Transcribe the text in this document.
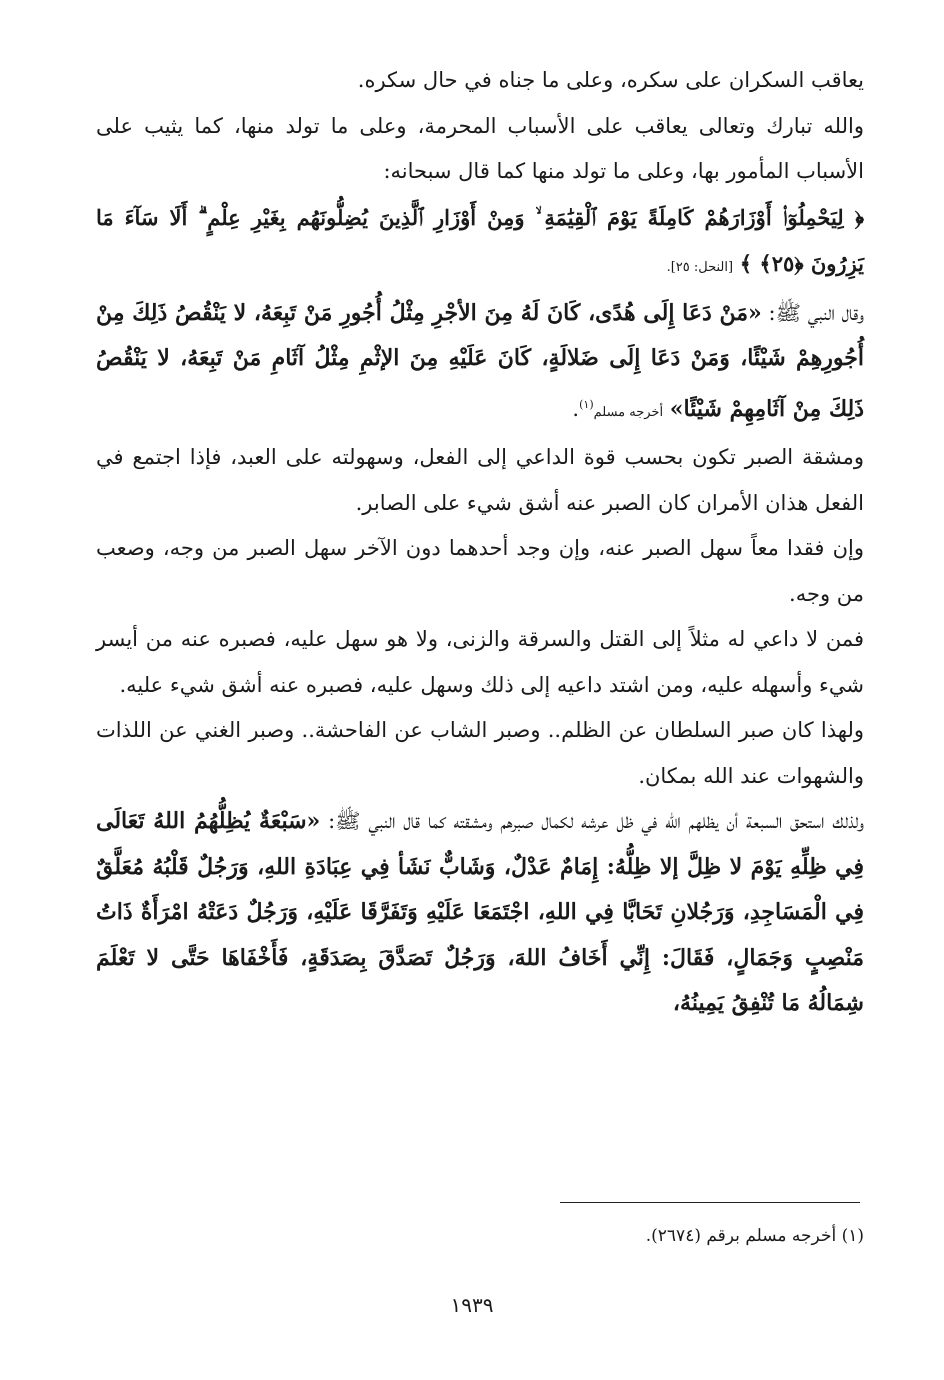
يعاقب السكران على سكره، وعلى ما جناه في حال سكره.

والله تبارك وتعالى يعاقب على الأسباب المحرمة، وعلى ما تولد منها، كما يثيب على الأسباب المأمور بها، وعلى ما تولد منها كما قال سبحانه:

﴿ لِيَحْمِلُوٓا۟ أَوْزَارَهُمْ كَامِلَةً يَوْمَ ٱلْقِيَٰمَةِ ۙ وَمِنْ أَوْزَارِ ٱلَّذِينَ يُضِلُّونَهُم بِغَيْرِ عِلْمٍ ۗ أَلَا سَآءَ مَا يَزِرُونَ ﴿٢٥﴾ ﴾ [النحل: ٢٥].

وقال النبي ﷺ: «مَنْ دَعَا إِلَى هُدًى، كَانَ لَهُ مِنَ الأجْرِ مِثْلُ أُجُورِ مَنْ تَبِعَهُ، لا يَنْقُصُ ذَلِكَ مِنْ أُجُورِهِمْ شَيْئًا، وَمَنْ دَعَا إِلَى ضَلالَةٍ، كَانَ عَلَيْهِ مِنَ الإثْمِ مِثْلُ آثَامِ مَنْ تَبِعَهُ، لا يَنْقُصُ ذَلِكَ مِنْ آثَامِهِمْ شَيْئًا» أخرجه مسلم$^{(١)}$.

ومشقة الصبر تكون بحسب قوة الداعي إلى الفعل، وسهولته على العبد، فإذا اجتمع في الفعل هذان الأمران كان الصبر عنه أشق شيء على الصابر.

وإن فقدا معاً سهل الصبر عنه، وإن وجد أحدهما دون الآخر سهل الصبر من وجه، وصعب من وجه.

فمن لا داعي له مثلاً إلى القتل والسرقة والزنى، ولا هو سهل عليه، فصبره عنه من أيسر شيء وأسهله عليه، ومن اشتد داعيه إلى ذلك وسهل عليه، فصبره عنه أشق شيء عليه.

ولهذا كان صبر السلطان عن الظلم.. وصبر الشاب عن الفاحشة.. وصبر الغني عن اللذات والشهوات عند الله بمكان.

ولذلك استحق السبعة أن يظلهم الله في ظل عرشه لكمال صبرهم ومشقته كما قال النبي ﷺ: «سَبْعَةٌ يُظِلُّهُمُ اللهُ تَعَالَى فِي ظِلِّهِ يَوْمَ لا ظِلَّ إلا ظِلُّهُ: إِمَامٌ عَدْلٌ، وَشَابٌّ نَشَأ فِي عِبَادَةِ اللهِ، وَرَجُلٌ قَلْبُهُ مُعَلَّقٌ فِي الْمَسَاجِدِ، وَرَجُلانِ تَحَابَّا فِي اللهِ، اجْتَمَعَا عَلَيْهِ وَتَفَرَّقَا عَلَيْهِ، وَرَجُلٌ دَعَتْهُ امْرَأَةٌ ذَاتُ مَنْصِبٍ وَجَمَالٍ، فَقَالَ: إِنِّي أَخَافُ اللهَ، وَرَجُلٌ تَصَدَّقَ بِصَدَقَةٍ، فَأَخْفَاهَا حَتَّى لا تَعْلَمَ شِمَالُهُ مَا تُنْفِقُ يَمِينُهُ،

(١) أخرجه مسلم برقم (٢٦٧٤).
١٩٣٩
